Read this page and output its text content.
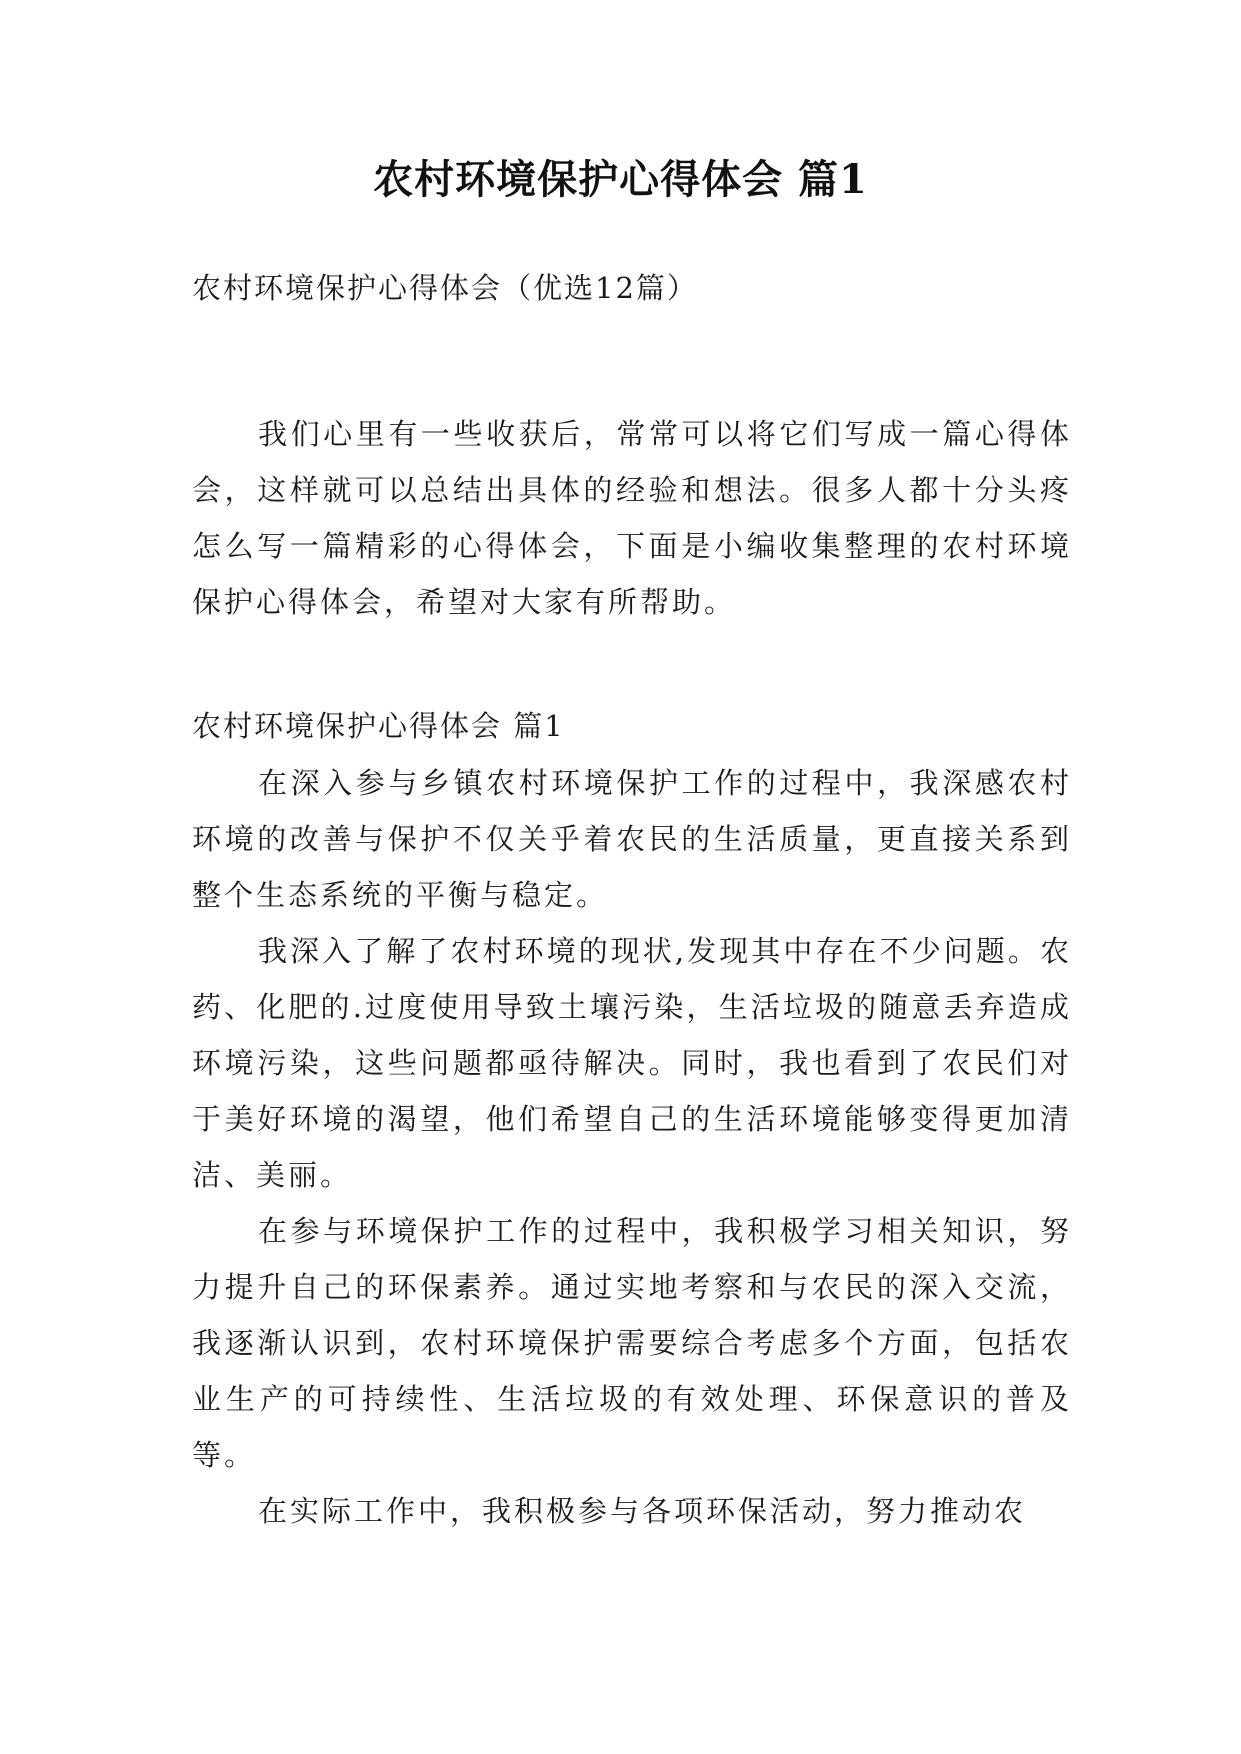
农村环境保护心得体会 篇1
农村环境保护心得体会（优选12篇）

我们心里有一些收获后，常常可以将它们写成一篇心得体会，这样就可以总结出具体的经验和想法。很多人都十分头疼怎么写一篇精彩的心得体会，下面是小编收集整理的农村环境保护心得体会，希望对大家有所帮助。

农村环境保护心得体会 篇1

在深入参与乡镇农村环境保护工作的过程中，我深感农村环境的改善与保护不仅关乎着农民的生活质量，更直接关系到整个生态系统的平衡与稳定。

我深入了解了农村环境的现状,发现其中存在不少问题。农药、化肥的.过度使用导致土壤污染，生活垃圾的随意丢弃造成环境污染，这些问题都亟待解决。同时，我也看到了农民们对于美好环境的渴望，他们希望自己的生活环境能够变得更加清洁、美丽。

在参与环境保护工作的过程中，我积极学习相关知识，努力提升自己的环保素养。通过实地考察和与农民的深入交流，我逐渐认识到，农村环境保护需要综合考虑多个方面，包括农业生产的可持续性、生活垃圾的有效处理、环保意识的普及等。

在实际工作中，我积极参与各项环保活动，努力推动农
